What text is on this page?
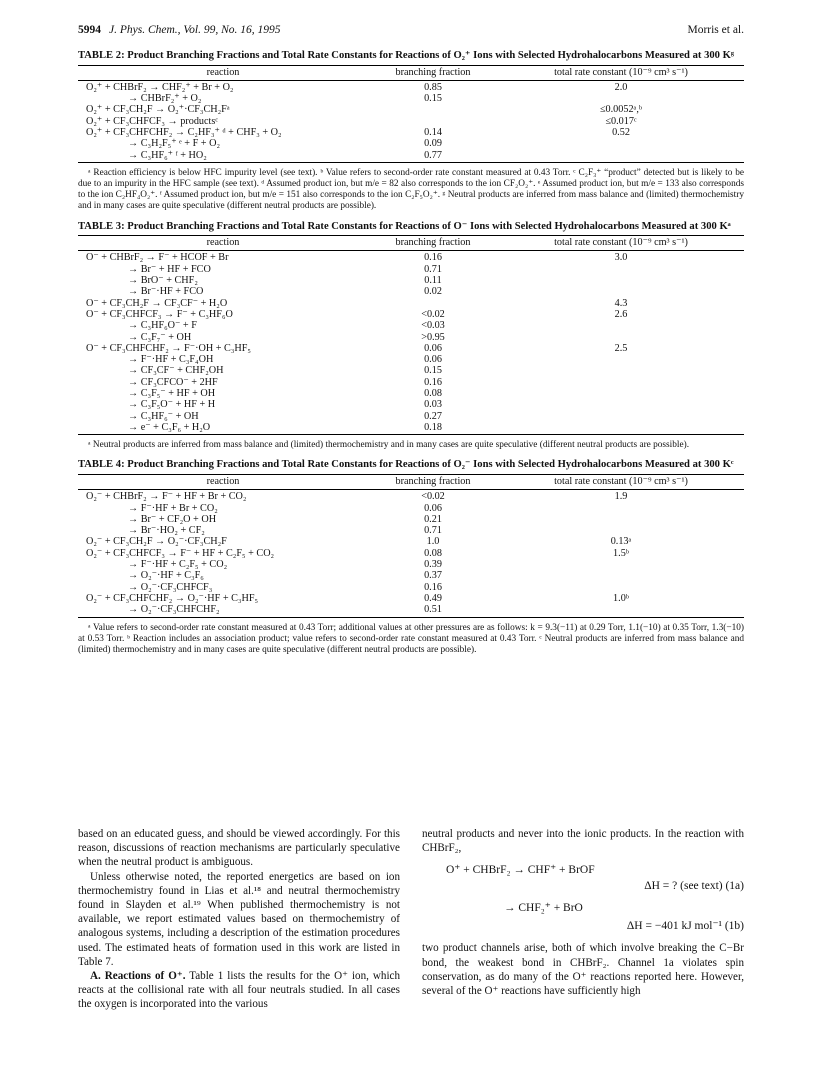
5994 J. Phys. Chem., Vol. 99, No. 16, 1995	Morris et al.
TABLE 2: Product Branching Fractions and Total Rate Constants for Reactions of O₂⁺ Ions with Selected Hydrohalocarbons Measured at 300 Kᵍ
reaction	branching fraction	total rate constant (10⁻⁹ cm³ s⁻¹)
O₂⁺ + CHBrF₂ → CHF₂⁺ + Br + O₂	0.85	2.0
→ CHBrF₂⁺ + O₂	0.15	
O₂⁺ + CF₃CH₂F → O₂⁺·CF₃CH₂Fᵃ		≤0.0052ᵃ,ᵇ
O₂⁺ + CF₃CHFCF₃ → productsᶜ		≤0.017ᶜ
O₂⁺ + CF₃CHFCHF₂ → C₂HF₃⁺ ᵈ + CHF₃ + O₂	0.14	0.52
→ C₃H₂F₅⁺ ᵉ + F + O₂	0.09	
→ C₃HF₆⁺ ᶠ + HO₂	0.77	
ᵃ Reaction efficiency is below HFC impurity level (see text). ᵇ Value refers to second-order rate constant measured at 0.43 Torr. ᶜ C₂F₃⁺ “product” detected but is likely to be due to an impurity in the HFC sample (see text). ᵈ Assumed product ion, but m/e = 82 also corresponds to the ion CF₂O₂⁺. ᵉ Assumed product ion, but m/e = 133 also corresponds to the ion C₂HF₄O₂⁺. ᶠ Assumed product ion, but m/e = 151 also corresponds to the ion C₂F₅O₂⁺. ᵍ Neutral products are inferred from mass balance and (limited) thermochemistry and in many cases are quite speculative (different neutral products are possible).
TABLE 3: Product Branching Fractions and Total Rate Constants for Reactions of O⁻ Ions with Selected Hydrohalocarbons Measured at 300 Kᵃ
reaction	branching fraction	total rate constant (10⁻⁹ cm³ s⁻¹)
O⁻ + CHBrF₂ → F⁻ + HCOF + Br	0.16	3.0
→ Br⁻ + HF + FCO	0.71	
→ BrO⁻ + CHF₂	0.11	
→ Br⁻·HF + FCO	0.02	
O⁻ + CF₃CH₂F → CF₃CF⁻ + H₂O		4.3
O⁻ + CF₃CHFCF₃ → F⁻ + C₃HF₆O	<0.02	2.6
→ C₃HF₆O⁻ + F	<0.03	
→ C₃F₇⁻ + OH	>0.95	
O⁻ + CF₃CHFCHF₂ → F⁻·OH + C₃HF₅	0.06	2.5
→ F⁻·HF + C₃F₄OH	0.06	
→ CF₃CF⁻ + CHF₂OH	0.15	
→ CF₃CFCO⁻ + 2HF	0.16	
→ C₃F₅⁻ + HF + OH	0.08	
→ C₃F₅O⁻ + HF + H	0.03	
→ C₃HF₆⁻ + OH	0.27	
→ e⁻ + C₃F₆ + H₂O	0.18	
ᵃ Neutral products are inferred from mass balance and (limited) thermochemistry and in many cases are quite speculative (different neutral products are possible).
TABLE 4: Product Branching Fractions and Total Rate Constants for Reactions of O₂⁻ Ions with Selected Hydrohalocarbons Measured at 300 Kᶜ
reaction	branching fraction	total rate constant (10⁻⁹ cm³ s⁻¹)
O₂⁻ + CHBrF₂ → F⁻ + HF + Br + CO₂	<0.02	1.9
→ F⁻·HF + Br + CO₂	0.06	
→ Br⁻ + CF₂O + OH	0.21	
→ Br⁻·HO₂ + CF₂	0.71	
O₂⁻ + CF₃CH₂F → O₂⁻·CF₃CH₂F	1.0	0.13ᵃ
O₂⁻ + CF₃CHFCF₃ → F⁻ + HF + C₂F₅ + CO₂	0.08	1.5ᵇ
→ F⁻·HF + C₂F₅ + CO₂	0.39	
→ O₂⁻·HF + C₃F₆	0.37	
→ O₂⁻·CF₃CHFCF₃	0.16	
O₂⁻ + CF₃CHFCHF₂ → O₂⁻·HF + C₃HF₅	0.49	1.0ᵇ
→ O₂⁻·CF₃CHFCHF₂	0.51	
ᵃ Value refers to second-order rate constant measured at 0.43 Torr; additional values at other pressures are as follows: k = 9.3(−11) at 0.29 Torr, 1.1(−10) at 0.35 Torr, 1.3(−10) at 0.53 Torr. ᵇ Reaction includes an association product; value refers to second-order rate constant measured at 0.43 Torr. ᶜ Neutral products are inferred from mass balance and (limited) thermochemistry and in many cases are quite speculative (different neutral products are possible).

based on an educated guess, and should be viewed accordingly. For this reason, discussions of reaction mechanisms are particularly speculative when the neutral product is ambiguous.

Unless otherwise noted, the reported energetics are based on ion thermochemistry found in Lias et al.¹⁸ and neutral thermochemistry found in Slayden et al.¹⁹ When published thermochemistry is not available, we report estimated values based on thermochemistry of analogous systems, including a description of the estimation procedures used. The estimated heats of formation used in this work are listed in Table 7.

A. Reactions of O⁺. Table 1 lists the results for the O⁺ ion, which reacts at the collisional rate with all four neutrals studied. In all cases the oxygen is incorporated into the various

neutral products and never into the ionic products. In the reaction with CHBrF₂,

O⁺ + CHBrF₂ → CHF⁺ + BrOF
ΔH = ? (see text) (1a)
→ CHF₂⁺ + BrO
ΔH = −401 kJ mol⁻¹ (1b)

two product channels arise, both of which involve breaking the C−Br bond, the weakest bond in CHBrF₂. Channel 1a violates spin conservation, as do many of the O⁺ reactions reported here. However, several of the O⁺ reactions have sufficiently high
